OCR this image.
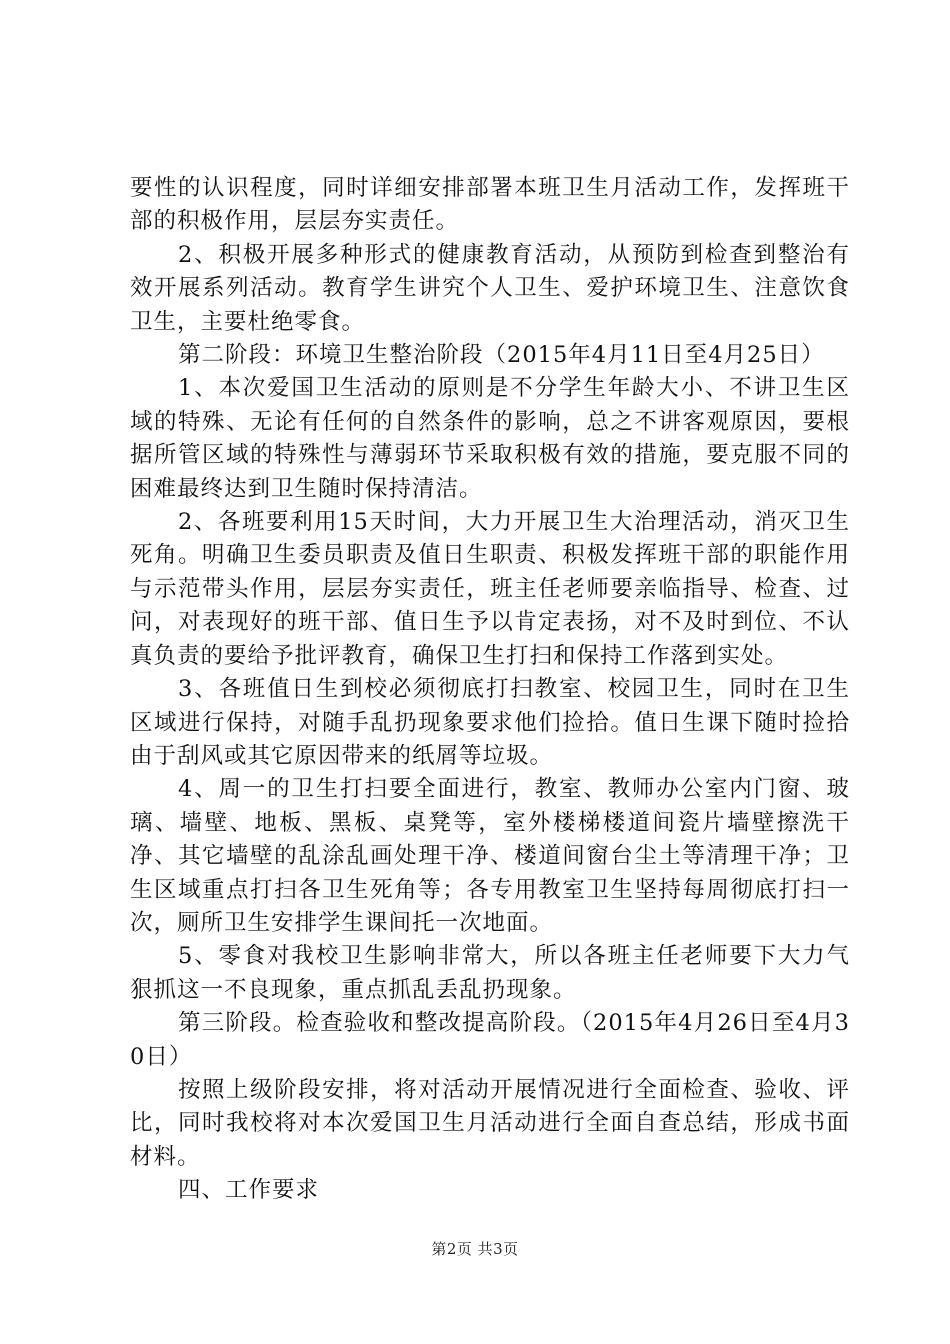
要性的认识程度，同时详细安排部署本班卫生月活动工作，发挥班干部的积极作用，层层夯实责任。

2、积极开展多种形式的健康教育活动，从预防到检查到整治有效开展系列活动。教育学生讲究个人卫生、爱护环境卫生、注意饮食卫生，主要杜绝零食。

第二阶段：环境卫生整治阶段（2015年4月11日至4月25日）

1、本次爱国卫生活动的原则是不分学生年龄大小、不讲卫生区域的特殊、无论有任何的自然条件的影响，总之不讲客观原因，要根据所管区域的特殊性与薄弱环节采取积极有效的措施，要克服不同的困难最终达到卫生随时保持清洁。

2、各班要利用15天时间，大力开展卫生大治理活动，消灭卫生死角。明确卫生委员职责及值日生职责、积极发挥班干部的职能作用与示范带头作用，层层夯实责任，班主任老师要亲临指导、检查、过问，对表现好的班干部、值日生予以肯定表扬，对不及时到位、不认真负责的要给予批评教育，确保卫生打扫和保持工作落到实处。

3、各班值日生到校必须彻底打扫教室、校园卫生，同时在卫生区域进行保持，对随手乱扔现象要求他们捡拾。值日生课下随时捡拾由于刮风或其它原因带来的纸屑等垃圾。

4、周一的卫生打扫要全面进行，教室、教师办公室内门窗、玻璃、墙壁、地板、黑板、桌凳等，室外楼梯楼道间瓷片墙壁擦洗干净、其它墙壁的乱涂乱画处理干净、楼道间窗台尘土等清理干净；卫生区域重点打扫各卫生死角等；各专用教室卫生坚持每周彻底打扫一次，厕所卫生安排学生课间托一次地面。

5、零食对我校卫生影响非常大，所以各班主任老师要下大力气狠抓这一不良现象，重点抓乱丢乱扔现象。

第三阶段。检查验收和整改提高阶段。（2015年4月26日至4月30日）

按照上级阶段安排，将对活动开展情况进行全面检查、验收、评比，同时我校将对本次爱国卫生月活动进行全面自查总结，形成书面材料。

四、工作要求

第2页 共3页
